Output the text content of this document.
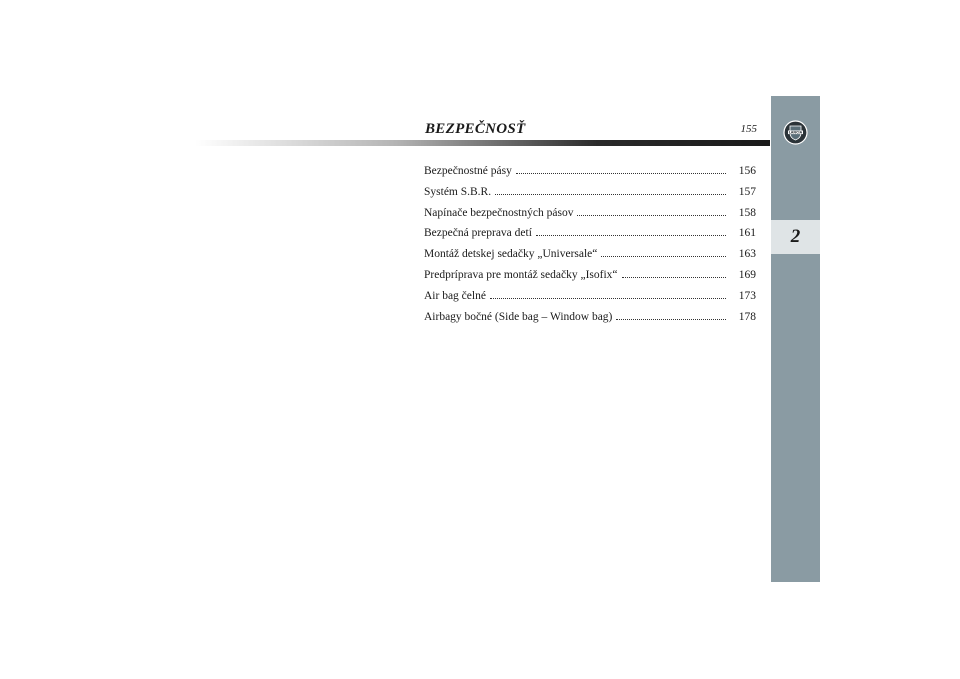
BEZPEČNOSŤ	155
Bezpečnostné pásy	156
Systém S.B.R.	157
Napínače bezpečnostných pásov	158
Bezpečná preprava detí	161
Montáž detskej sedačky „Universale“	163
Predpríprava pre montáž sedačky „Isofix“	169
Air bag čelné	173
Airbagy bočné (Side bag – Window bag)	178
LANCIA
2
